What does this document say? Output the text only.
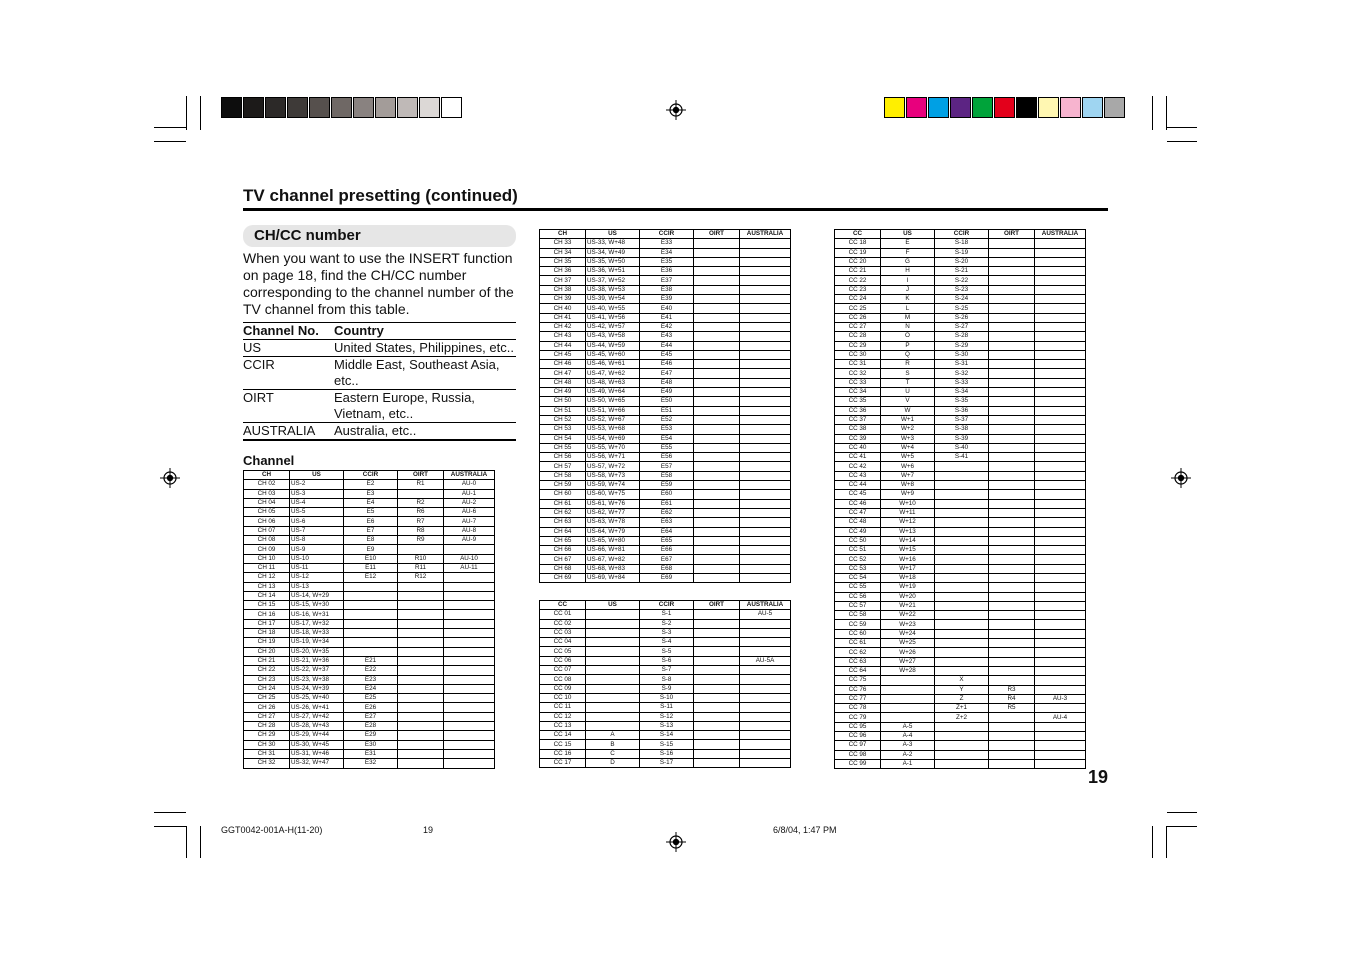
TV channel presetting (continued)
CH/CC number
When you want to use the INSERT function on page 18, find the CH/CC number corresponding to the channel number of the TV channel from this table.
Channel No.	Country
US	United States, Philippines, etc..
CCIR	Middle East, Southeast Asia, etc..
OIRT	Eastern Europe, Russia, Vietnam, etc..
AUSTRALIA	Australia, etc..
Channel
CH	US	CCIR	OIRT	AUSTRALIA
CH 02	US-2	E2	R1	AU-0
CH 03	US-3	E3		AU-1
CH 04	US-4	E4	R2	AU-2
CH 05	US-5	E5	R6	AU-6
CH 06	US-6	E6	R7	AU-7
CH 07	US-7	E7	R8	AU-8
CH 08	US-8	E8	R9	AU-9
CH 09	US-9	E9		
CH 10	US-10	E10	R10	AU-10
CH 11	US-11	E11	R11	AU-11
CH 12	US-12	E12	R12	
CH 13	US-13			
CH 14	US-14, W+29			
CH 15	US-15, W+30			
CH 16	US-16, W+31			
CH 17	US-17, W+32			
CH 18	US-18, W+33			
CH 19	US-19, W+34			
CH 20	US-20, W+35			
CH 21	US-21, W+36	E21		
CH 22	US-22, W+37	E22		
CH 23	US-23, W+38	E23		
CH 24	US-24, W+39	E24		
CH 25	US-25, W+40	E25		
CH 26	US-26, W+41	E26		
CH 27	US-27, W+42	E27		
CH 28	US-28, W+43	E28		
CH 29	US-29, W+44	E29		
CH 30	US-30, W+45	E30		
CH 31	US-31, W+46	E31		
CH 32	US-32, W+47	E32		
CH	US	CCIR	OIRT	AUSTRALIA
CH 33	US-33, W+48	E33		
CH 34	US-34, W+49	E34		
CH 35	US-35, W+50	E35		
CH 36	US-36, W+51	E36		
CH 37	US-37, W+52	E37		
CH 38	US-38, W+53	E38		
CH 39	US-39, W+54	E39		
CH 40	US-40, W+55	E40		
CH 41	US-41, W+56	E41		
CH 42	US-42, W+57	E42		
CH 43	US-43, W+58	E43		
CH 44	US-44, W+59	E44		
CH 45	US-45, W+60	E45		
CH 46	US-46, W+61	E46		
CH 47	US-47, W+62	E47		
CH 48	US-48, W+63	E48		
CH 49	US-49, W+64	E49		
CH 50	US-50, W+65	E50		
CH 51	US-51, W+66	E51		
CH 52	US-52, W+67	E52		
CH 53	US-53, W+68	E53		
CH 54	US-54, W+69	E54		
CH 55	US-55, W+70	E55		
CH 56	US-56, W+71	E56		
CH 57	US-57, W+72	E57		
CH 58	US-58, W+73	E58		
CH 59	US-59, W+74	E59		
CH 60	US-60, W+75	E60		
CH 61	US-61, W+76	E61		
CH 62	US-62, W+77	E62		
CH 63	US-63, W+78	E63		
CH 64	US-64, W+79	E64		
CH 65	US-65, W+80	E65		
CH 66	US-66, W+81	E66		
CH 67	US-67, W+82	E67		
CH 68	US-68, W+83	E68		
CH 69	US-69, W+84	E69		
CC	US	CCIR	OIRT	AUSTRALIA
CC 01		S-1		AU-5
CC 02		S-2		
CC 03		S-3		
CC 04		S-4		
CC 05		S-5		
CC 06		S-6		AU-5A
CC 07		S-7		
CC 08		S-8		
CC 09		S-9		
CC 10		S-10		
CC 11		S-11		
CC 12		S-12		
CC 13		S-13		
CC 14	A	S-14		
CC 15	B	S-15		
CC 16	C	S-16		
CC 17	D	S-17		
CC	US	CCIR	OIRT	AUSTRALIA
CC 18	E	S-18		
CC 19	F	S-19		
CC 20	G	S-20		
CC 21	H	S-21		
CC 22	I	S-22		
CC 23	J	S-23		
CC 24	K	S-24		
CC 25	L	S-25		
CC 26	M	S-26		
CC 27	N	S-27		
CC 28	O	S-28		
CC 29	P	S-29		
CC 30	Q	S-30		
CC 31	R	S-31		
CC 32	S	S-32		
CC 33	T	S-33		
CC 34	U	S-34		
CC 35	V	S-35		
CC 36	W	S-36		
CC 37	W+1	S-37		
CC 38	W+2	S-38		
CC 39	W+3	S-39		
CC 40	W+4	S-40		
CC 41	W+5	S-41		
CC 42	W+6			
CC 43	W+7			
CC 44	W+8			
CC 45	W+9			
CC 46	W+10			
CC 47	W+11			
CC 48	W+12			
CC 49	W+13			
CC 50	W+14			
CC 51	W+15			
CC 52	W+16			
CC 53	W+17			
CC 54	W+18			
CC 55	W+19			
CC 56	W+20			
CC 57	W+21			
CC 58	W+22			
CC 59	W+23			
CC 60	W+24			
CC 61	W+25			
CC 62	W+26			
CC 63	W+27			
CC 64	W+28			
CC 75		X		
CC 76		Y	R3	
CC 77		Z	R4	AU-3
CC 78		Z+1	R5	
CC 79		Z+2		AU-4
CC 95	A-5			
CC 96	A-4			
CC 97	A-3			
CC 98	A-2			
CC 99	A-1			
19
GGT0042-001A-H(11-20)	19	6/8/04, 1:47 PM
